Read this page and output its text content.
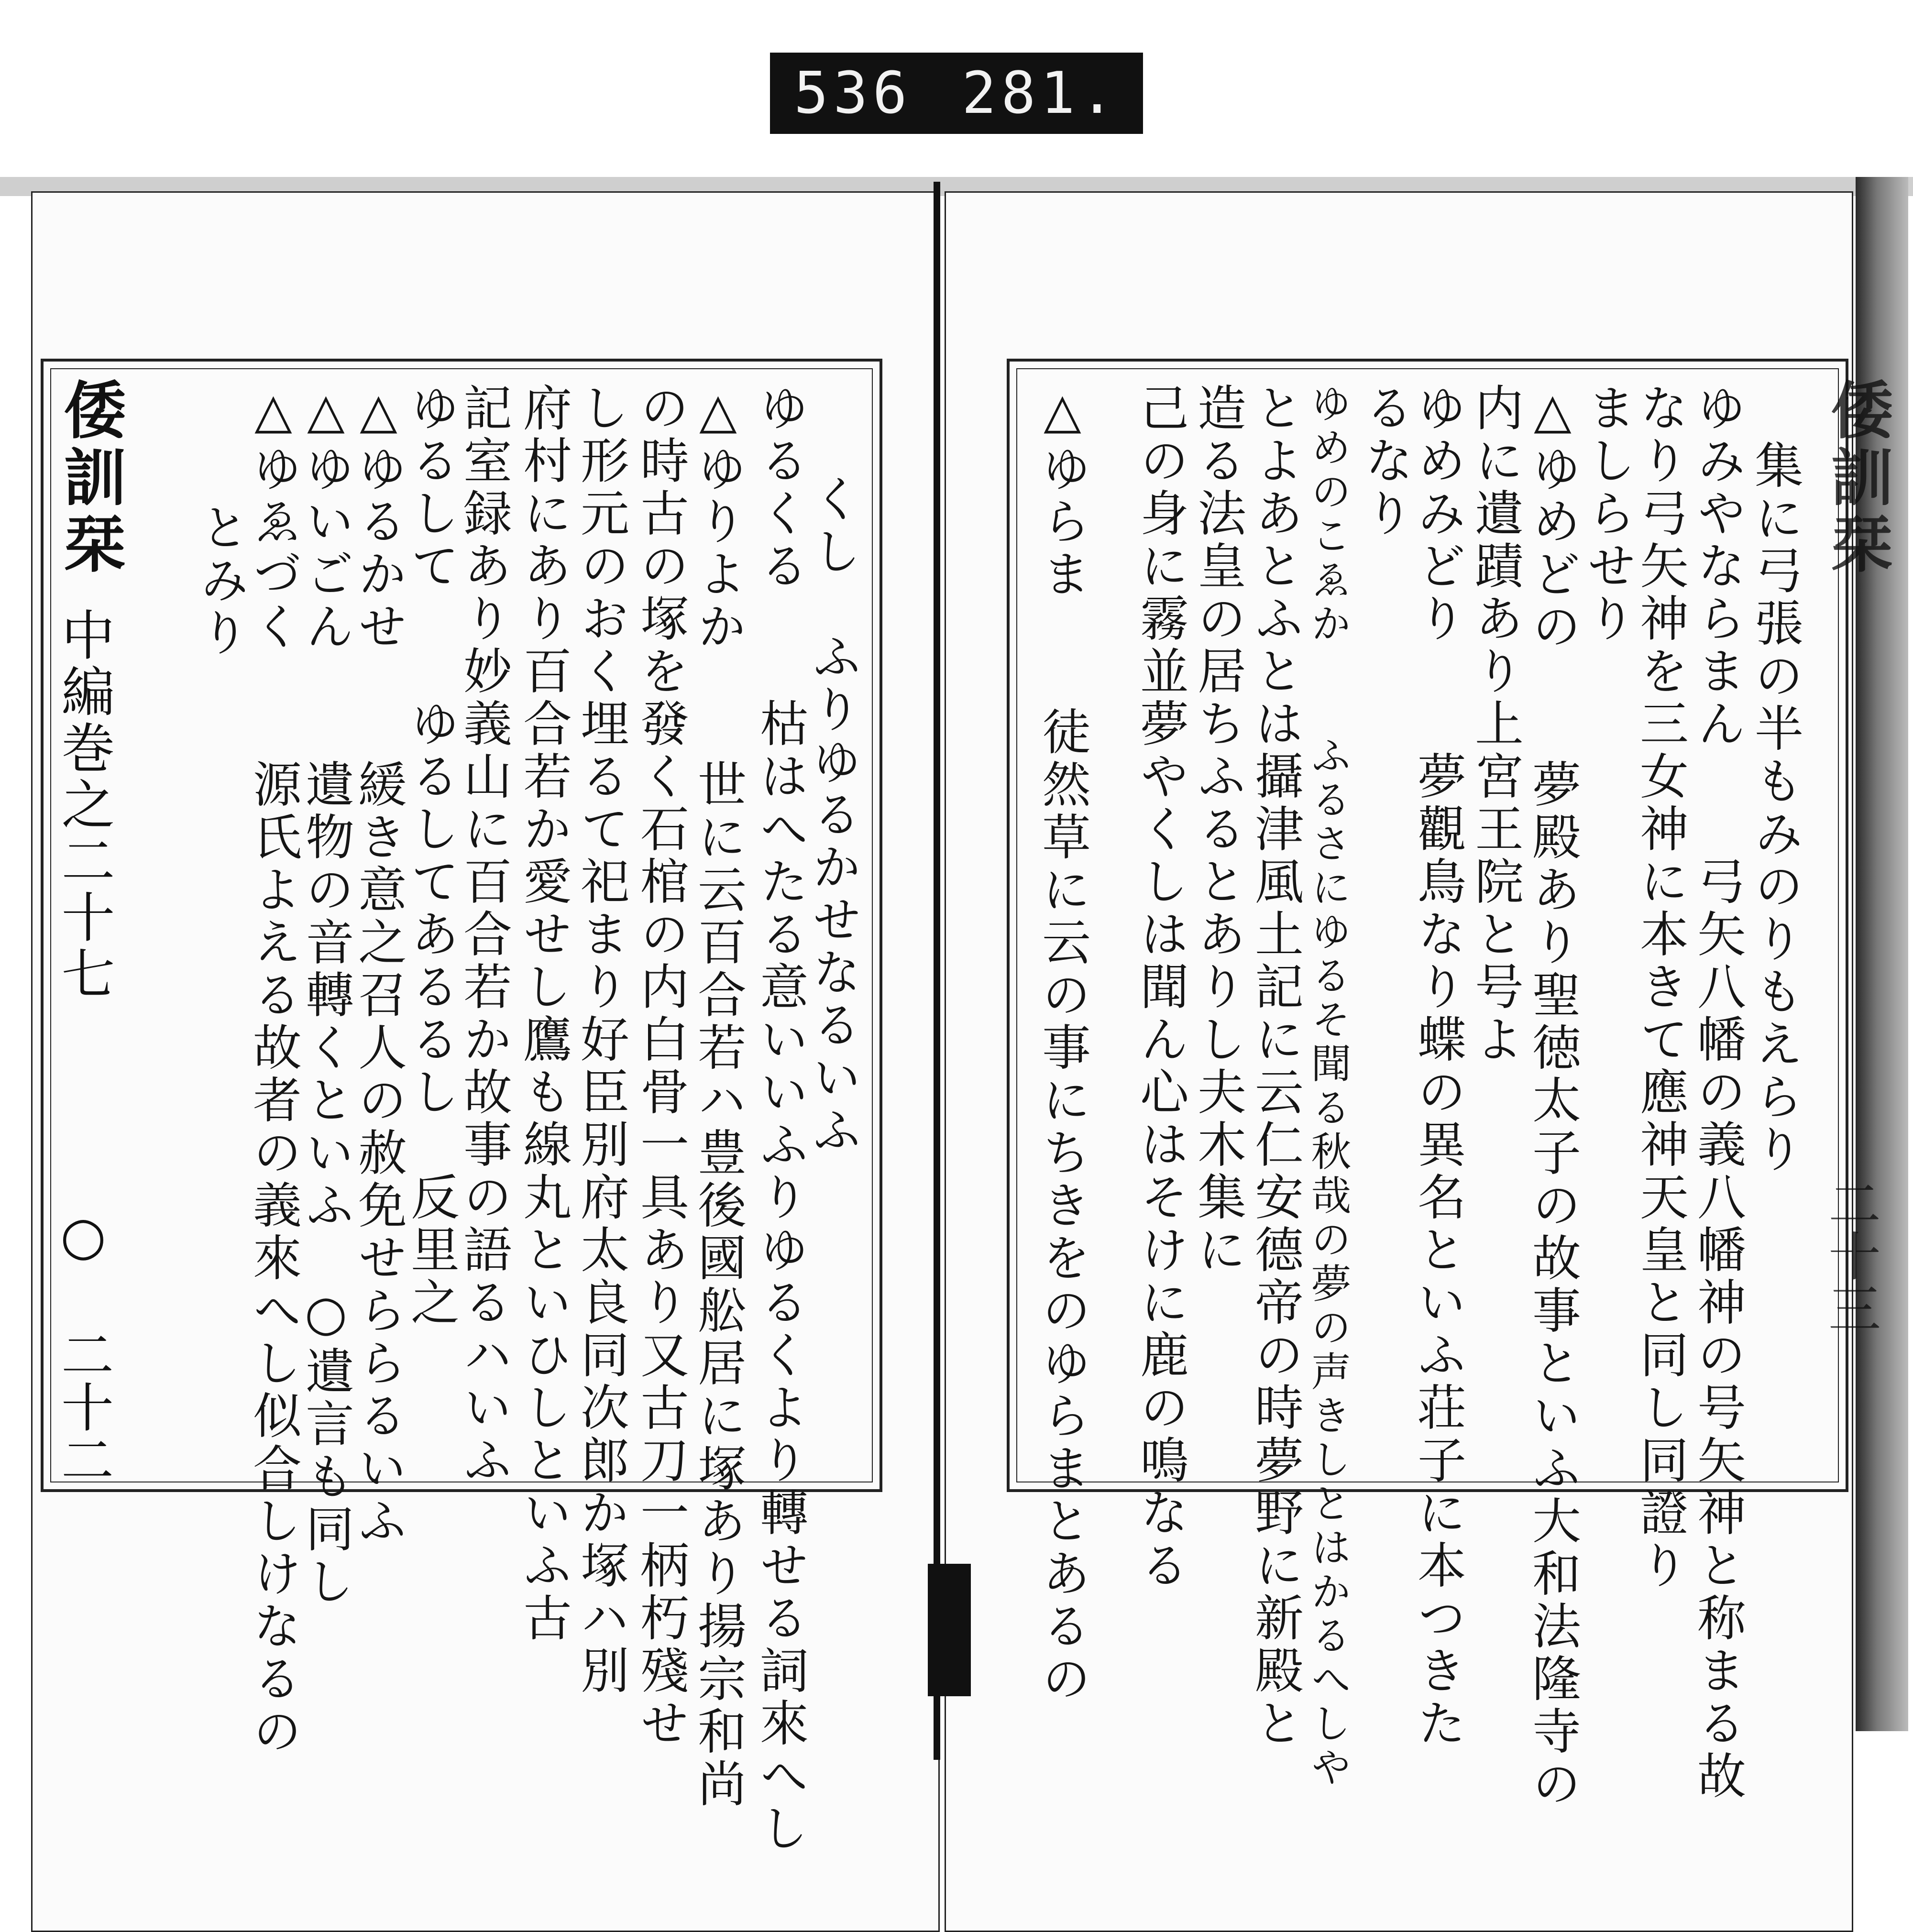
536 281.
倭訓栞
中編巻之二十七
○ 二十二
くし　ふりゆるかせなるいふ
ゆるくる　　枯はへたる意いいふりゆるくより轉せる詞來へし
△ゆりよか　　世に云百合若ハ豊後國舩居に塚あり揚宗和尚
の時古の塚を發く石棺の内白骨一具あり又古刀一柄朽殘せ
し形元のおく埋るて祀まり好臣別府太良同次郎か塚ハ別
府村にあり百合若か愛せし鷹も線丸といひしといふ古
記室録あり妙義山に百合若か故事の語るハいふ
ゆるして　　ゆるしてあるるし　反里之
△ゆるかせ　　緩き意之召人の赦免せららるいふ
△ゆいごん　　遺物の音轉くといふ　○遺言も同し
△ゆゑづく　　源氏よえる故者の義來へし似合しけなるの
とみり
倭訓栞
二十三
集に弓張の半もみのりもえらり
ゆみやならまん　　弓矢八幡の義八幡神の号矢神と称まる故
なり弓矢神を三女神に本きて應神天皇と同し同證り
ましらせり
△ゆめどの　　夢殿あり聖徳太子の故事といふ大和法隆寺の
内に遺蹟あり上宮王院と号よ
ゆめみどり　　夢觀鳥なり蝶の異名といふ荘子に本つきた
るなり
ゆめのこゑか　　ふるさにゆるそ聞る秋哉の夢の声きしとはかるへしや
とよあとふとは攝津風土記に云仁安德帝の時夢野に新殿と
造る法皇の居ちふるとありし夫木集に
己の身に霧並夢やくしは聞ん心はそけに鹿の鳴なる
△ゆらま　　徒然草に云の事にちきをのゆらまとあるの
